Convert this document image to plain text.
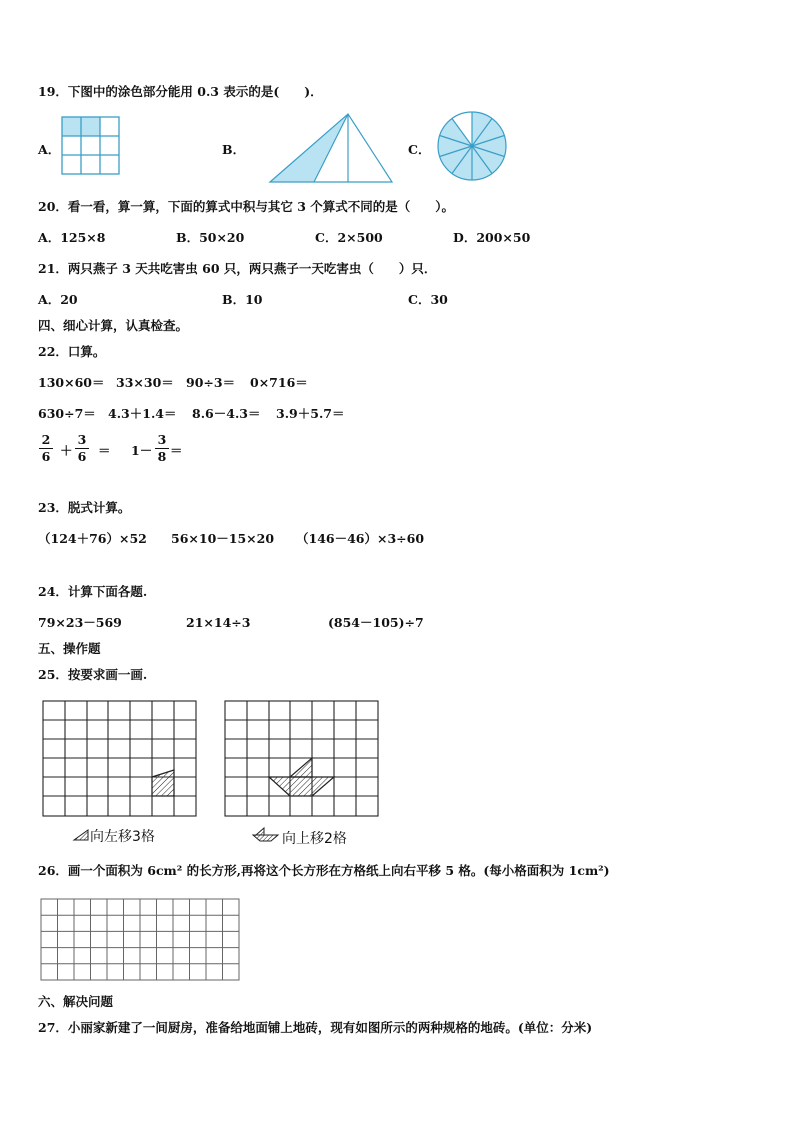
19．下图中的涂色部分能用 0.3 表示的是(　　)．
A．	B．	C．
20．看一看，算一算，下面的算式中积与其它 3 个算式不同的是（　　）。
A．125×8	B．50×20	C．2×500	D．200×50
21．两只燕子 3 天共吃害虫 60 只，两只燕子一天吃害虫（　　）只．
A．20	B．10	C．30
四、细心计算，认真检查。
22．口算。
130×60＝ 33×30＝ 90÷3＝ 0×716＝
630÷7＝ 4.3＋1.4＝ 8.6－4.3＝ 3.9＋5.7＝
2
6 ＋
3
6 ＝ 1－
3
8 ＝
23．脱式计算。
（124＋76）×52 56×10－15×20 （146－46）×3÷60
24．计算下面各题.
79×23－569	21×14÷3	(854－105)÷7
五、操作题
25．按要求画一画.
向左移3格	向上移2格
26．画一个面积为 6cm² 的长方形,再将这个长方形在方格纸上向右平移 5 格。(每小格面积为 1cm²)
六、解决问题
27．小丽家新建了一间厨房，准备给地面铺上地砖，现有如图所示的两种规格的地砖。(单位：分米)
